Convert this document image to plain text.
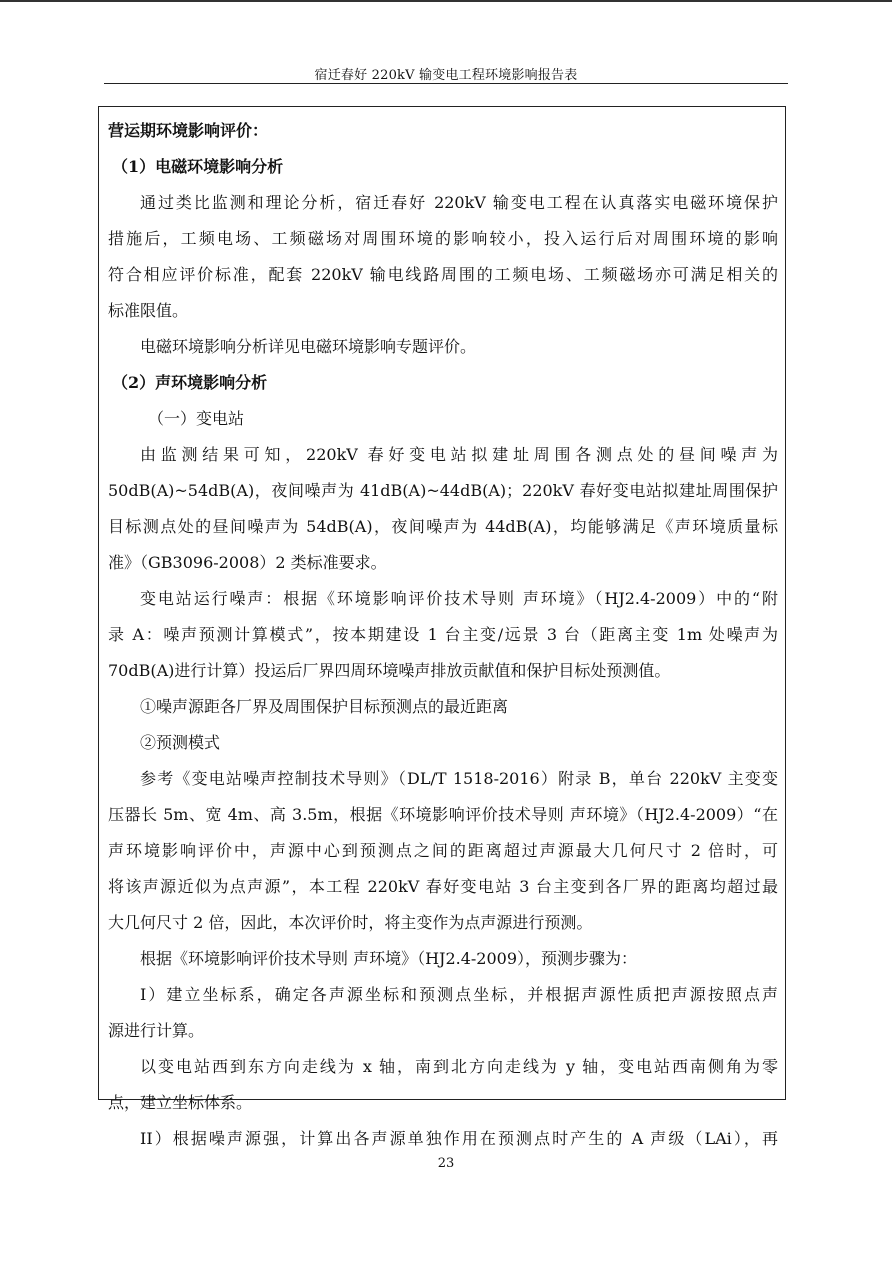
宿迁春好 220kV 输变电工程环境影响报告表
营运期环境影响评价：
（1）电磁环境影响分析
通过类比监测和理论分析，宿迁春好 220kV 输变电工程在认真落实电磁环境保护
措施后，工频电场、工频磁场对周围环境的影响较小，投入运行后对周围环境的影响
符合相应评价标准，配套 220kV 输电线路周围的工频电场、工频磁场亦可满足相关的
标准限值。
电磁环境影响分析详见电磁环境影响专题评价。
（2）声环境影响分析
（一）变电站
由监测结果可知，220kV 春好变电站拟建址周围各测点处的昼间噪声为
50dB(A)~54dB(A)，夜间噪声为 41dB(A)~44dB(A)；220kV 春好变电站拟建址周围保护
目标测点处的昼间噪声为 54dB(A)，夜间噪声为 44dB(A)，均能够满足《声环境质量标
准》（GB3096-2008）2 类标准要求。
变电站运行噪声：根据《环境影响评价技术导则 声环境》（HJ2.4-2009）中的“附
录 A：噪声预测计算模式”，按本期建设 1 台主变/远景 3 台（距离主变 1m 处噪声为
70dB(A)进行计算）投运后厂界四周环境噪声排放贡献值和保护目标处预测值。
①噪声源距各厂界及周围保护目标预测点的最近距离
②预测模式
参考《变电站噪声控制技术导则》（DL/T 1518-2016）附录 B，单台 220kV 主变变
压器长 5m、宽 4m、高 3.5m，根据《环境影响评价技术导则 声环境》（HJ2.4-2009）“在
声环境影响评价中，声源中心到预测点之间的距离超过声源最大几何尺寸 2 倍时，可
将该声源近似为点声源”，本工程 220kV 春好变电站 3 台主变到各厂界的距离均超过最
大几何尺寸 2 倍，因此，本次评价时，将主变作为点声源进行预测。
根据《环境影响评价技术导则 声环境》（HJ2.4-2009），预测步骤为：
I）建立坐标系，确定各声源坐标和预测点坐标，并根据声源性质把声源按照点声
源进行计算。
以变电站西到东方向走线为 x 轴，南到北方向走线为 y 轴，变电站西南侧角为零
点，建立坐标体系。
II）根据噪声源强，计算出各声源单独作用在预测点时产生的 A 声级（LAi），再
23
